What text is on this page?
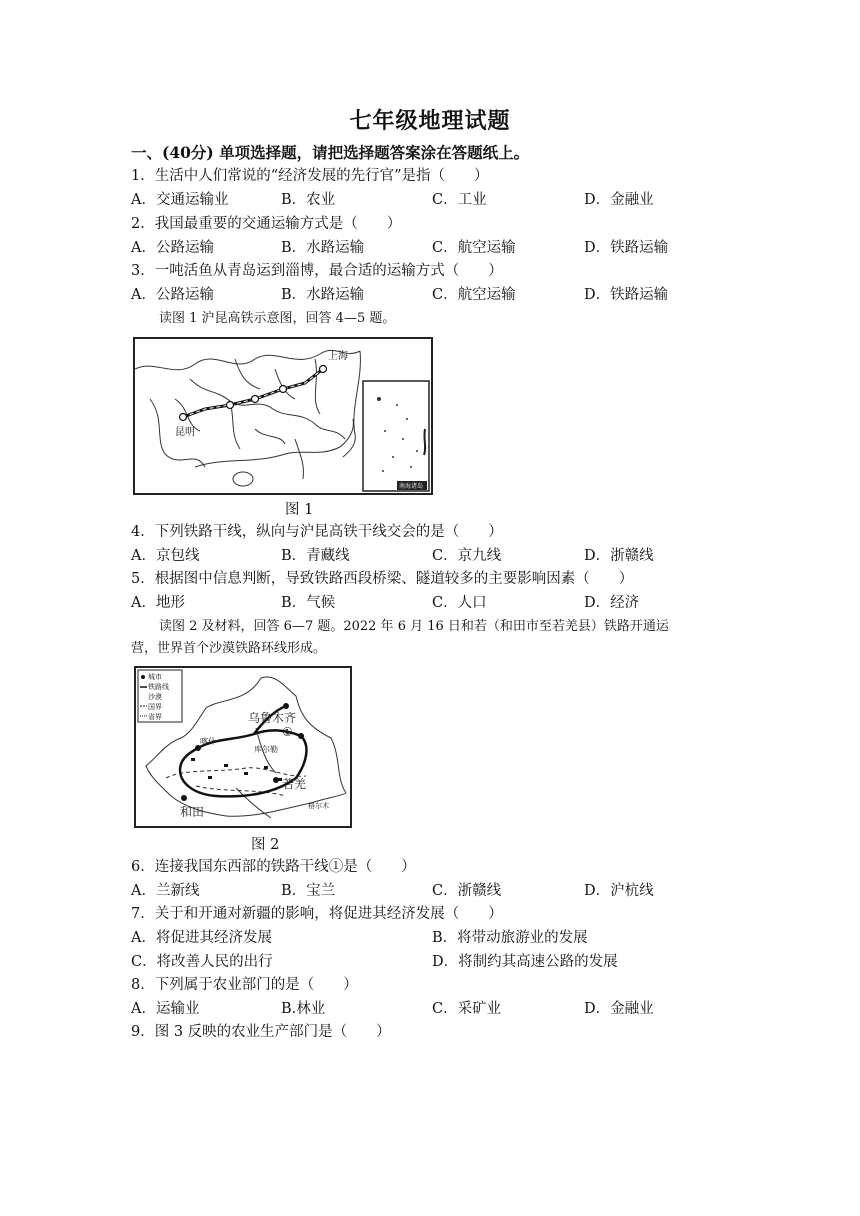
七年级地理试题
一、(40分) 单项选择题，请把选择题答案涂在答题纸上。
1．生活中人们常说的“经济发展的先行官”是指（　　）
A．交通运输业	B．农业	C．工业	D．金融业
2．我国最重要的交通运输方式是（　　）
A．公路运输	B．水路运输	C．航空运输	D．铁路运输
3．一吨活鱼从青岛运到淄博，最合适的运输方式（　　）
A．公路运输	B．水路运输	C．航空运输	D．铁路运输
读图 1 沪昆高铁示意图，回答 4—5 题。
昆明
上海
南海诸岛
图 1
4．下列铁路干线，纵向与沪昆高铁干线交会的是（　　）
A．京包线	B．青藏线	C．京九线	D．浙赣线
5．根据图中信息判断，导致铁路西段桥梁、隧道较多的主要影响因素（　　）
A．地形	B．气候	C．人口	D．经济
读图 2 及材料，回答 6—7 题。2022 年 6 月 16 日和若（和田市至若羌县）铁路开通运
营，世界首个沙漠铁路环线形成。
城市
铁路线
沙漠
国界
省界	乌鲁木齐
①
喀什
库尔勒
若羌
和田	格尔木
图 2
6．连接我国东西部的铁路干线①是（　　）
A．兰新线	B．宝兰	C．浙赣线	D．沪杭线
7．关于和开通对新疆的影响，将促进其经济发展（　　）
A．将促进其经济发展	B．将带动旅游业的发展
C．将改善人民的出行	D．将制约其高速公路的发展
8．下列属于农业部门的是（　　）
A．运输业	B.林业	C．采矿业	D．金融业
9．图 3 反映的农业生产部门是（　　）
